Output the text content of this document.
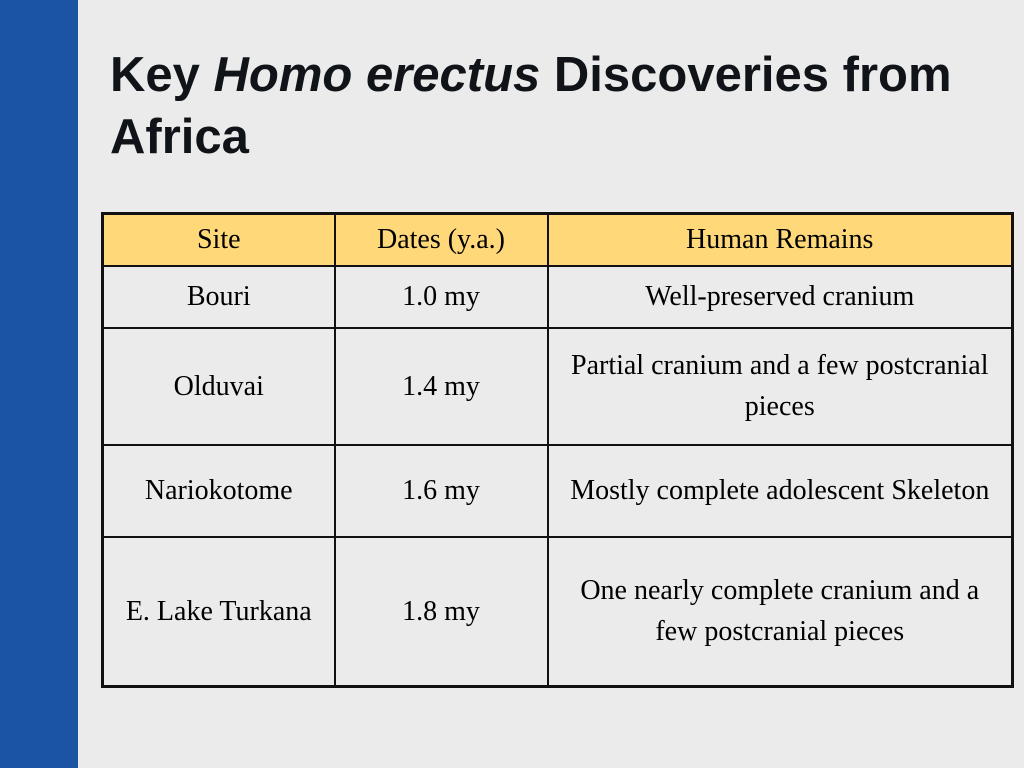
Key Homo erectus Discoveries from Africa
Site	Dates (y.a.)	Human Remains
Bouri	1.0 my	Well-preserved cranium
Olduvai	1.4 my	Partial cranium and a few postcranial pieces
Nariokotome	1.6 my	Mostly complete adolescent Skeleton
E. Lake Turkana	1.8 my	One nearly complete cranium and a few postcranial pieces
